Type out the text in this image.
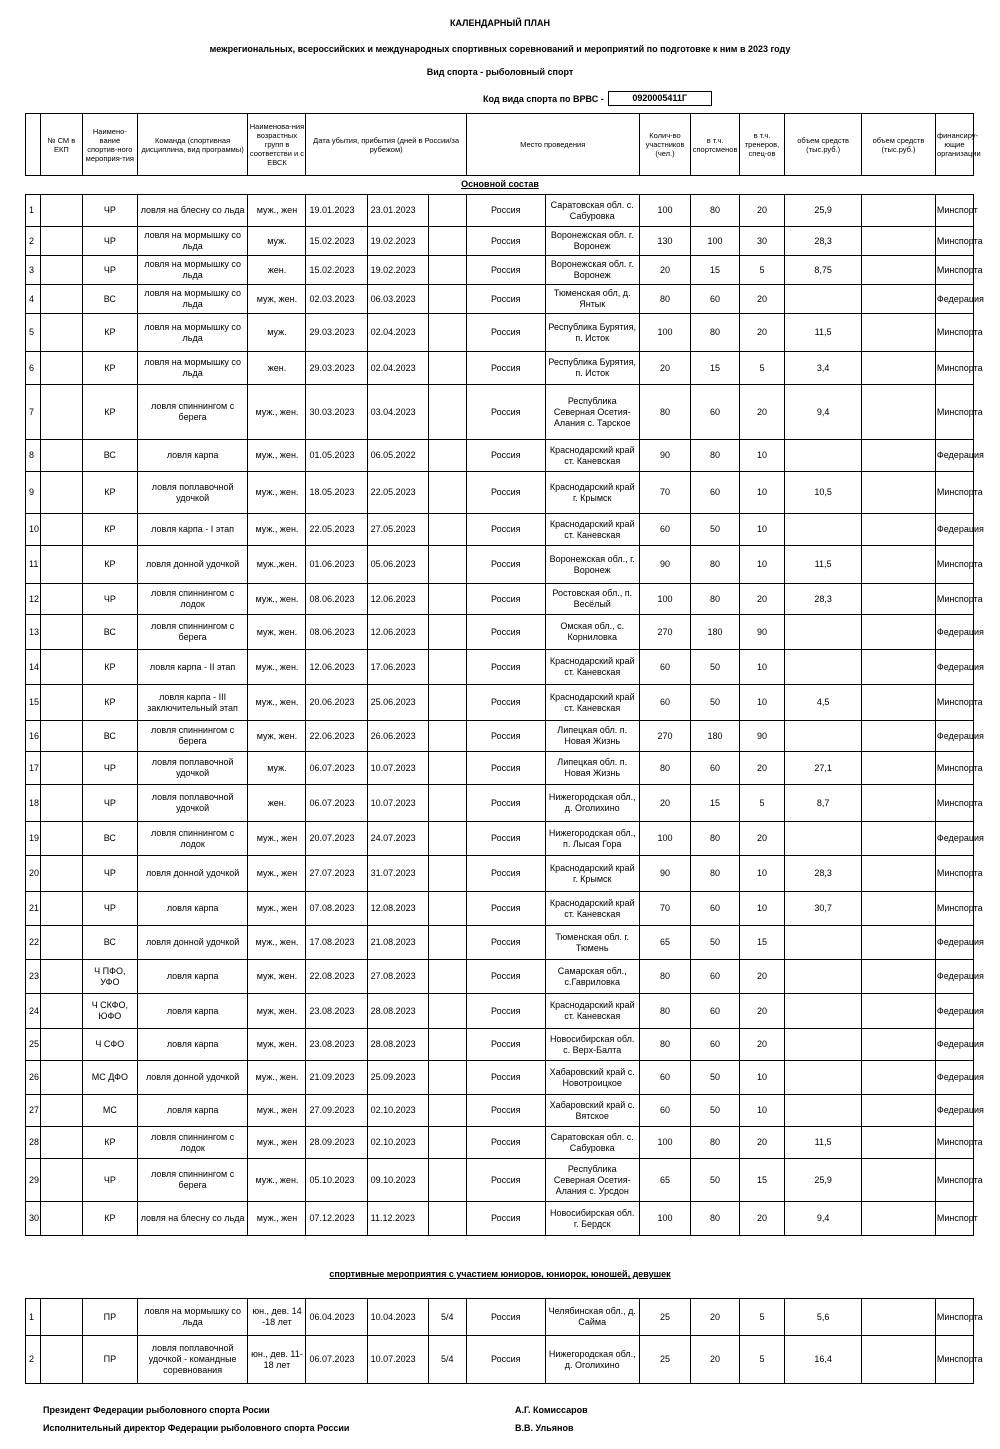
КАЛЕНДАРНЫЙ ПЛАН
межрегиональных, всероссийских и международных спортивных соревнований и мероприятий по подготовке к ним в 2023 году
Вид спорта - рыболовный спорт
Код вида спорта по ВРВС -	0920005411Г
	№ СМ в ЕКП	Наимено-вание спортив-ного мероприя-тия	Команда (спортивная дисциплина, вид программы)	Наименова-ния возрастных групп в соответстви и с ЕВСК	Дата убытия, прибытия (дней в России/за рубежом)	Место проведения	Колич-во участников (чел.)	в т.ч. спортсменов	в т.ч. тренеров, спец-ов	объем средств (тыс.руб.)	объем средств (тыс.руб.)	финансиру-ющие организации
Основной состав
1		ЧР	ловля на блесну со льда	муж., жен	19.01.2023	23.01.2023		Россия	Саратовская обл. с. Сабуровка	100	80	20	25,9		Минспорт
2		ЧР	ловля на мормышку со льда	муж.	15.02.2023	19.02.2023		Россия	Воронежская обл. г. Воронеж	130	100	30	28,3		Минспорта
3		ЧР	ловля на мормышку со льда	жен.	15.02.2023	19.02.2023		Россия	Воронежская обл. г. Воронеж	20	15	5	8,75		Минспорта
4		ВС	ловля на мормышку со льда	муж, жен.	02.03.2023	06.03.2023		Россия	Тюменская обл, д. Янтык	80	60	20			Федерация
5		КР	ловля на мормышку со льда	муж.	29.03.2023	02.04.2023		Россия	Республика Бурятия, п. Исток	100	80	20	11,5		Минспорта
6		КР	ловля на мормышку со льда	жен.	29.03.2023	02.04.2023		Россия	Республика Бурятия, п. Исток	20	15	5	3,4		Минспорта
7		КР	ловля спиннингом с берега	муж., жен.	30.03.2023	03.04.2023		Россия	Республика Северная Осетия-Алания с. Тарское	80	60	20	9,4		Минспорта
8		ВС	ловля карпа	муж., жен.	01.05.2023	06.05.2022		Россия	Краснодарский край ст. Каневская	90	80	10			Федерация
9		КР	ловля поплавочной удочкой	муж., жен.	18.05.2023	22.05.2023		Россия	Краснодарский край г. Крымск	70	60	10	10,5		Минспорта
10		КР	ловля карпа - I этап	муж., жен.	22.05.2023	27.05.2023		Россия	Краснодарский край ст. Каневская	60	50	10			Федерация
11		КР	ловля донной удочкой	муж.,жен.	01.06.2023	05.06.2023		Россия	Воронежская обл., г. Воронеж	90	80	10	11,5		Минспорта
12		ЧР	ловля спиннингом с лодок	муж., жен.	08.06.2023	12.06.2023		Россия	Ростовская обл., п. Весёлый	100	80	20	28,3		Минспорта
13		ВС	ловля спиннингом с берега	муж, жен.	08.06.2023	12.06.2023		Россия	Омская обл., с. Корниловка	270	180	90			Федерация
14		КР	ловля карпа - II этап	муж., жен.	12.06.2023	17.06.2023		Россия	Краснодарский край ст. Каневская	60	50	10			Федерация
15		КР	ловля карпа - III заключительный этап	муж., жен.	20.06.2023	25.06.2023		Россия	Краснодарский край ст. Каневская	60	50	10	4,5		Минспорта
16		ВС	ловля спиннингом с берега	муж, жен.	22.06.2023	26.06.2023		Россия	Липецкая обл. п. Новая Жизнь	270	180	90			Федерация
17		ЧР	ловля поплавочной удочкой	муж.	06.07.2023	10.07.2023		Россия	Липецкая обл. п. Новая Жизнь	80	60	20	27,1		Минспорта
18		ЧР	ловля поплавочной удочкой	жен.	06.07.2023	10.07.2023		Россия	Нижегородская обл., д. Оголихино	20	15	5	8,7		Минспорта
19		ВС	ловля спиннингом с лодок	муж., жен	20.07.2023	24.07.2023		Россия	Нижегородская обл., п. Лысая Гора	100	80	20			Федерация
20		ЧР	ловля донной удочкой	муж., жен	27.07.2023	31.07.2023		Россия	Краснодарский край г. Крымск	90	80	10	28,3		Минспорта
21		ЧР	ловля карпа	муж., жен	07.08.2023	12.08.2023		Россия	Краснодарский край ст. Каневская	70	60	10	30,7		Минспорта
22		ВС	ловля донной удочкой	муж., жен.	17.08.2023	21.08.2023		Россия	Тюменская обл. г. Тюмень	65	50	15			Федерация
23		Ч ПФО, УФО	ловля карпа	муж, жен.	22.08.2023	27.08.2023		Россия	Самарская обл., с.Гавриловка	80	60	20			Федерация
24		Ч СКФО, ЮФО	ловля карпа	муж, жен.	23.08.2023	28.08.2023		Россия	Краснодарский край ст. Каневская	80	60	20			Федерация
25		Ч СФО	ловля карпа	муж, жен.	23.08.2023	28.08.2023		Россия	Новосибирская обл. с. Верх-Балта	80	60	20			Федерация
26		МС ДФО	ловля донной удочкой	муж., жен.	21.09.2023	25.09.2023		Россия	Хабаровский край с. Новотроицкое	60	50	10			Федерация
27		МС	ловля карпа	муж., жен	27.09.2023	02.10.2023		Россия	Хабаровский край с. Вятское	60	50	10			Федерация
28		КР	ловля спиннингом с лодок	муж., жен	28.09.2023	02.10.2023		Россия	Саратовская обл. с. Сабуровка	100	80	20	11,5		Минспорта
29		ЧР	ловля спиннингом с берега	муж., жен.	05.10.2023	09.10.2023		Россия	Республика Северная Осетия-Алания с. Урсдон	65	50	15	25,9		Минспорта
30		КР	ловля на блесну со льда	муж., жен	07.12.2023	11.12.2023		Россия	Новосибирская обл. г. Бердск	100	80	20	9,4		Минспорт
спортивные мероприятия с участием юниоров, юниорок, юношей, девушек
1		ПР	ловля на мормышку со льда	юн., дев. 14 -18 лет	06.04.2023	10.04.2023	5/4	Россия	Челябинская обл., д. Сайма	25	20	5	5,6		Минспорта
2		ПР	ловля поплавочной удочкой - командные соревнования	юн., дев. 11-18 лет	06.07.2023	10.07.2023	5/4	Россия	Нижегородская обл., д. Оголихино	25	20	5	16,4		Минспорта
Президент Федерации рыболовного спорта Росии	А.Г. Комиссаров
Исполнительный директор Федерации рыболовного спорта России	В.В. Ульянов
